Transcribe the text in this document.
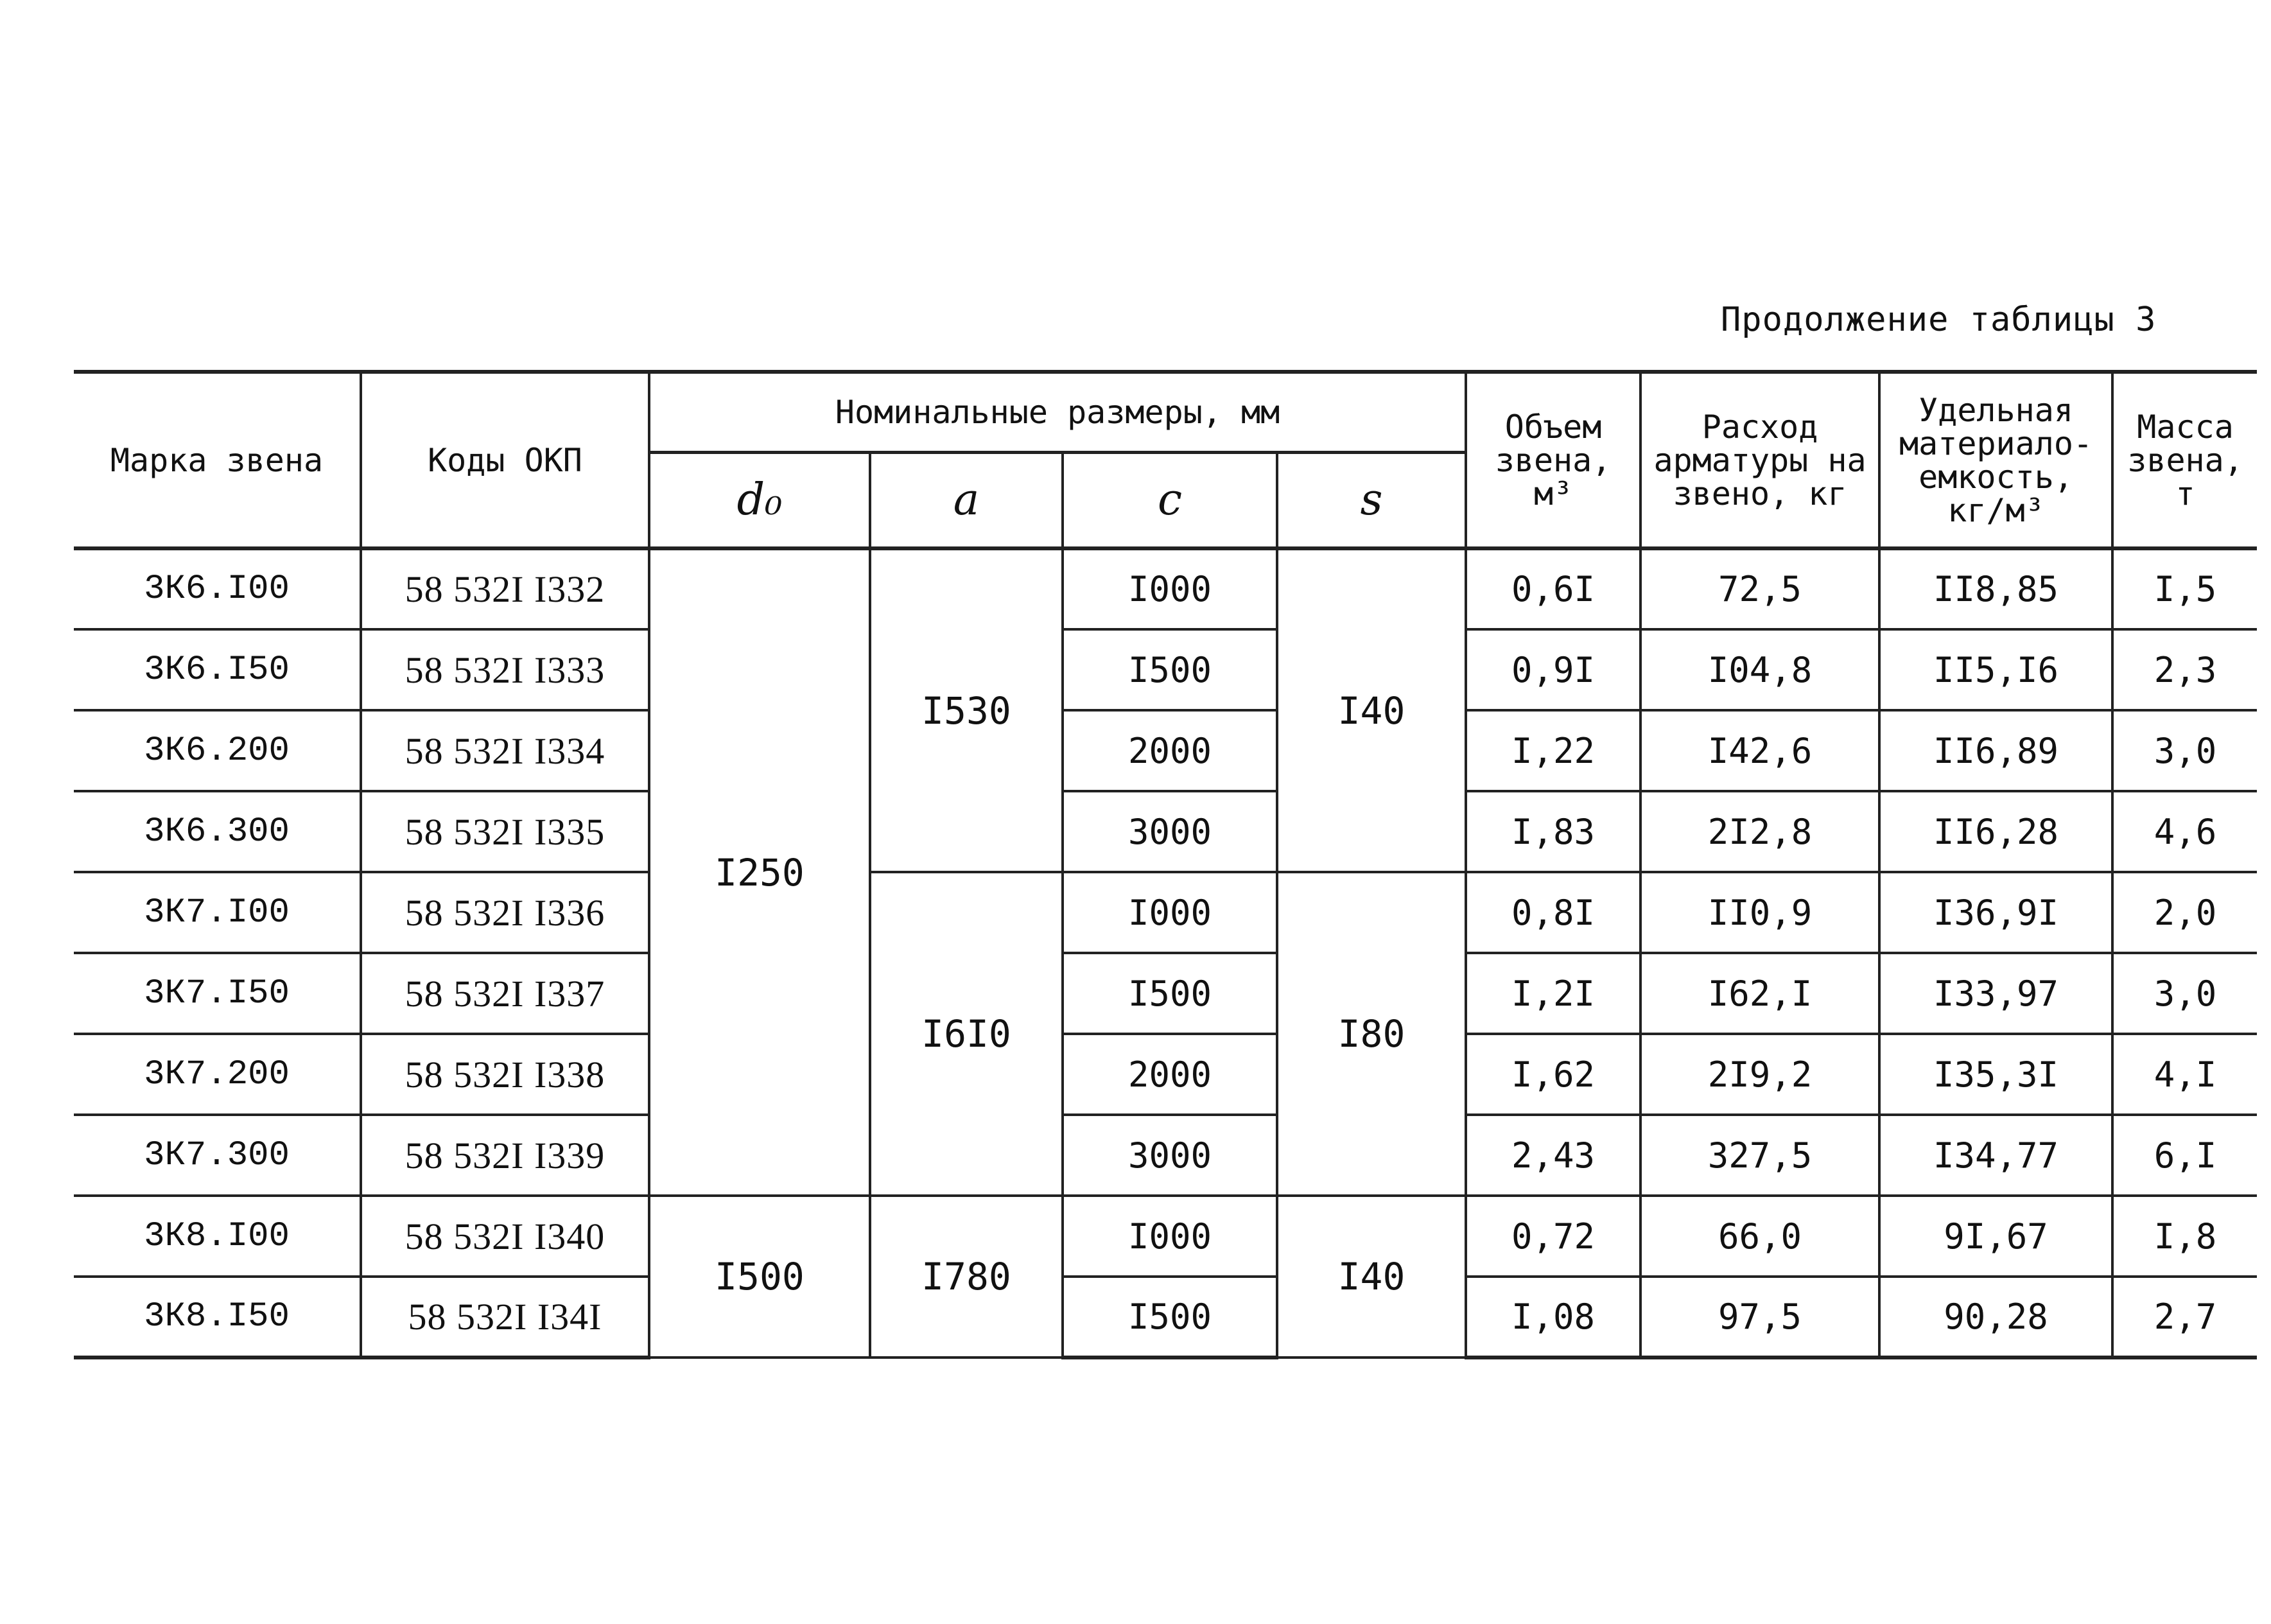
Продолжение таблицы 3
Марка звена	Коды ОКП	Номинальные размеры, мм				Объем звена, м³	Расход арматуры на звено, кг	Удельная материало-емкость, кг/м³	Масса звена, т
		d₀	a	c	s				
3К6.I00	58 532I I332	I250	I530	I000	I40	0,6I	72,5	II8,85	I,5
3К6.I50	58 532I I333			I500		0,9I	I04,8	II5,I6	2,3
3К6.200	58 532I I334			2000		I,22	I42,6	II6,89	3,0
3К6.300	58 532I I335			3000		I,83	2I2,8	II6,28	4,6
3К7.I00	58 532I I336		I6I0	I000	I80	0,8I	II0,9	I36,9I	2,0
3К7.I50	58 532I I337			I500		I,2I	I62,I	I33,97	3,0
3К7.200	58 532I I338			2000		I,62	2I9,2	I35,3I	4,I
3К7.300	58 532I I339			3000		2,43	327,5	I34,77	6,I
3К8.I00	58 532I I340	I500	I780	I000	I40	0,72	66,0	9I,67	I,8
3К8.I50	58 532I I34I			I500		I,08	97,5	90,28	2,7
